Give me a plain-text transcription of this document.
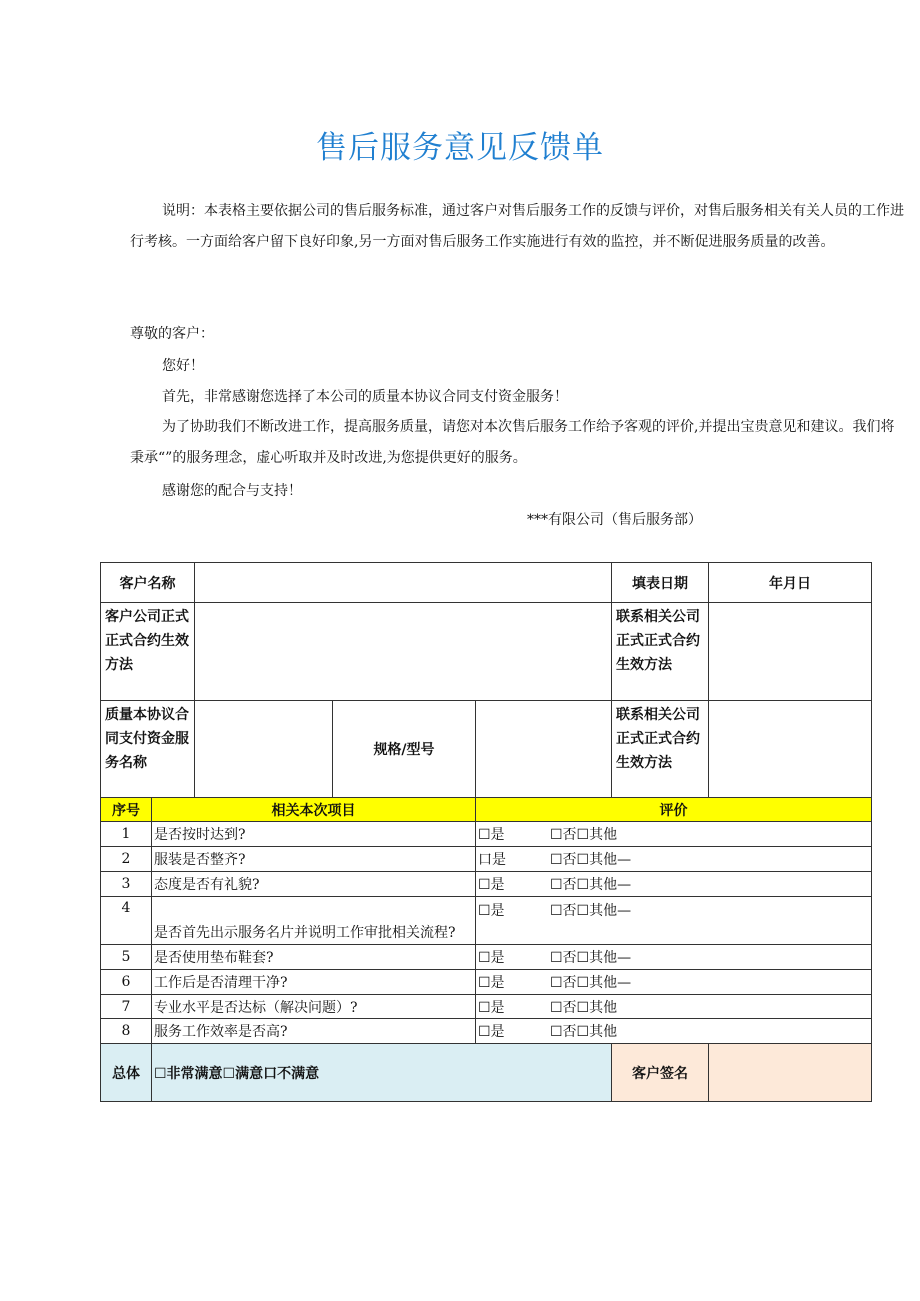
售后服务意见反馈单
说明：本表格主要依据公司的售后服务标准，通过客户对售后服务工作的反馈与评价，对售后服务相关有关人员的工作进行考核。一方面给客户留下良好印象,另一方面对售后服务工作实施进行有效的监控，并不断促进服务质量的改善。
尊敬的客户：
您好！
首先，非常感谢您选择了本公司的质量本协议合同支付资金服务！
为了协助我们不断改进工作，提高服务质量，请您对本次售后服务工作给予客观的评价,并提出宝贵意见和建议。我们将秉承“”的服务理念，虚心听取并及时改进,为您提供更好的服务。
感谢您的配合与支持！
***有限公司（售后服务部）
客户名称					填表日期	年月日
客户公司正式正式合约生效方法					联系相关公司正式正式合约生效方法	
质量本协议合同支付资金服务名称			规格/型号		联系相关公司正式正式合约生效方法	
序号	相关本次项目			评价		
1	是否按时达到?			☐是 ☐否☐其他		

2	服装是否整齐?			口是 ☐否☐其他—		

3	态度是否有礼貌?			☐是 ☐否☐其他—		

4	是否首先出示服务名片并说明工作审批相关流程?			☐是 ☐否☐其他—		

5	是否使用垫布鞋套?			☐是 ☐否☐其他—		

6	工作后是否清理干净?			☐是 ☐否☐其他—		

7	专业水平是否达标（解决问题）?			☐是 ☐否☐其他		

8	服务工作效率是否高?			☐是 ☐否☐其他		

总体	☐非常满意☐满意口不满意				客户签名	
